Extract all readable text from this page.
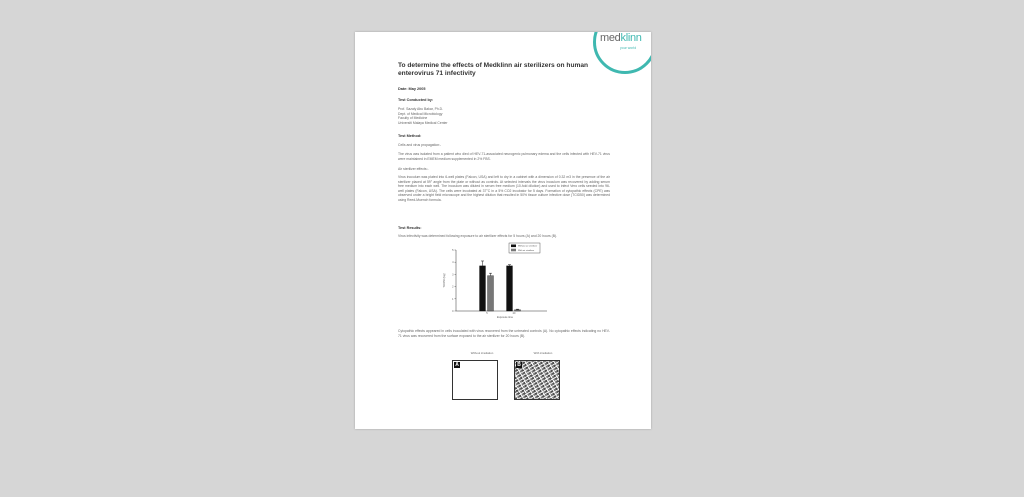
medklinn
your world
To determine the effects of Medklinn air sterilizers on human enterovirus 71 infectivity
Date: May 2005
Test Conducted by:
Prof. Sazaly Abu Bakar, Ph.D.
Dept. of Medical Microbiology
Faculty of Medicine
Universiti Malaya Medical Center
Test Method:
Cells and virus propagation:-
The virus was isolated from a patient who died of HEV-71-associated neurogenic pulmonary edema and the cells infected with HEV-71 virus were maintained in EMEM medium supplemented in 2% FBS.
Air sterilizer effects:-
Virus inoculum was plated into 6-well plates (Falcon, USA) and left to dry in a cabinet with a dimension of 0.32 m3 in the presence of the air sterilizer placed at 59° angle from the plate or without as controls. At selected intervals the virus inoculum was recovered by adding serum free medium into each well. The inoculum was diluted in serum free medium (10-fold dilution) and used to infect Vero cells seeded into 96-well plates (Falcon, USA). The cells were incubated at 37°C in a 5% CO2 incubator for 5 days. Formation of cytopathic effects (CPE) was observed under a bright field microscope and the highest dilution that resulted in 50% tissue culture infective dose (TCID50) was determined using Reed-Muench formula.
Test Results:
Virus infectivity was determined following exposure to air sterilizer effects for 5 hours (A) and 20 hours (B).
0
1
2
3
4
5
TCID50 (log)
Exposure time
5	20
Without air sterilizer
With air sterilizer
Cytopathic effects appeared in cells inoculated with virus recovered from the untreated controls (A). No cytopathic effects indicating no HEV-71 virus was recovered from the surface exposed to the air sterilizer for 20 hours (B).
Without irradiation	With irradiation
A	B
